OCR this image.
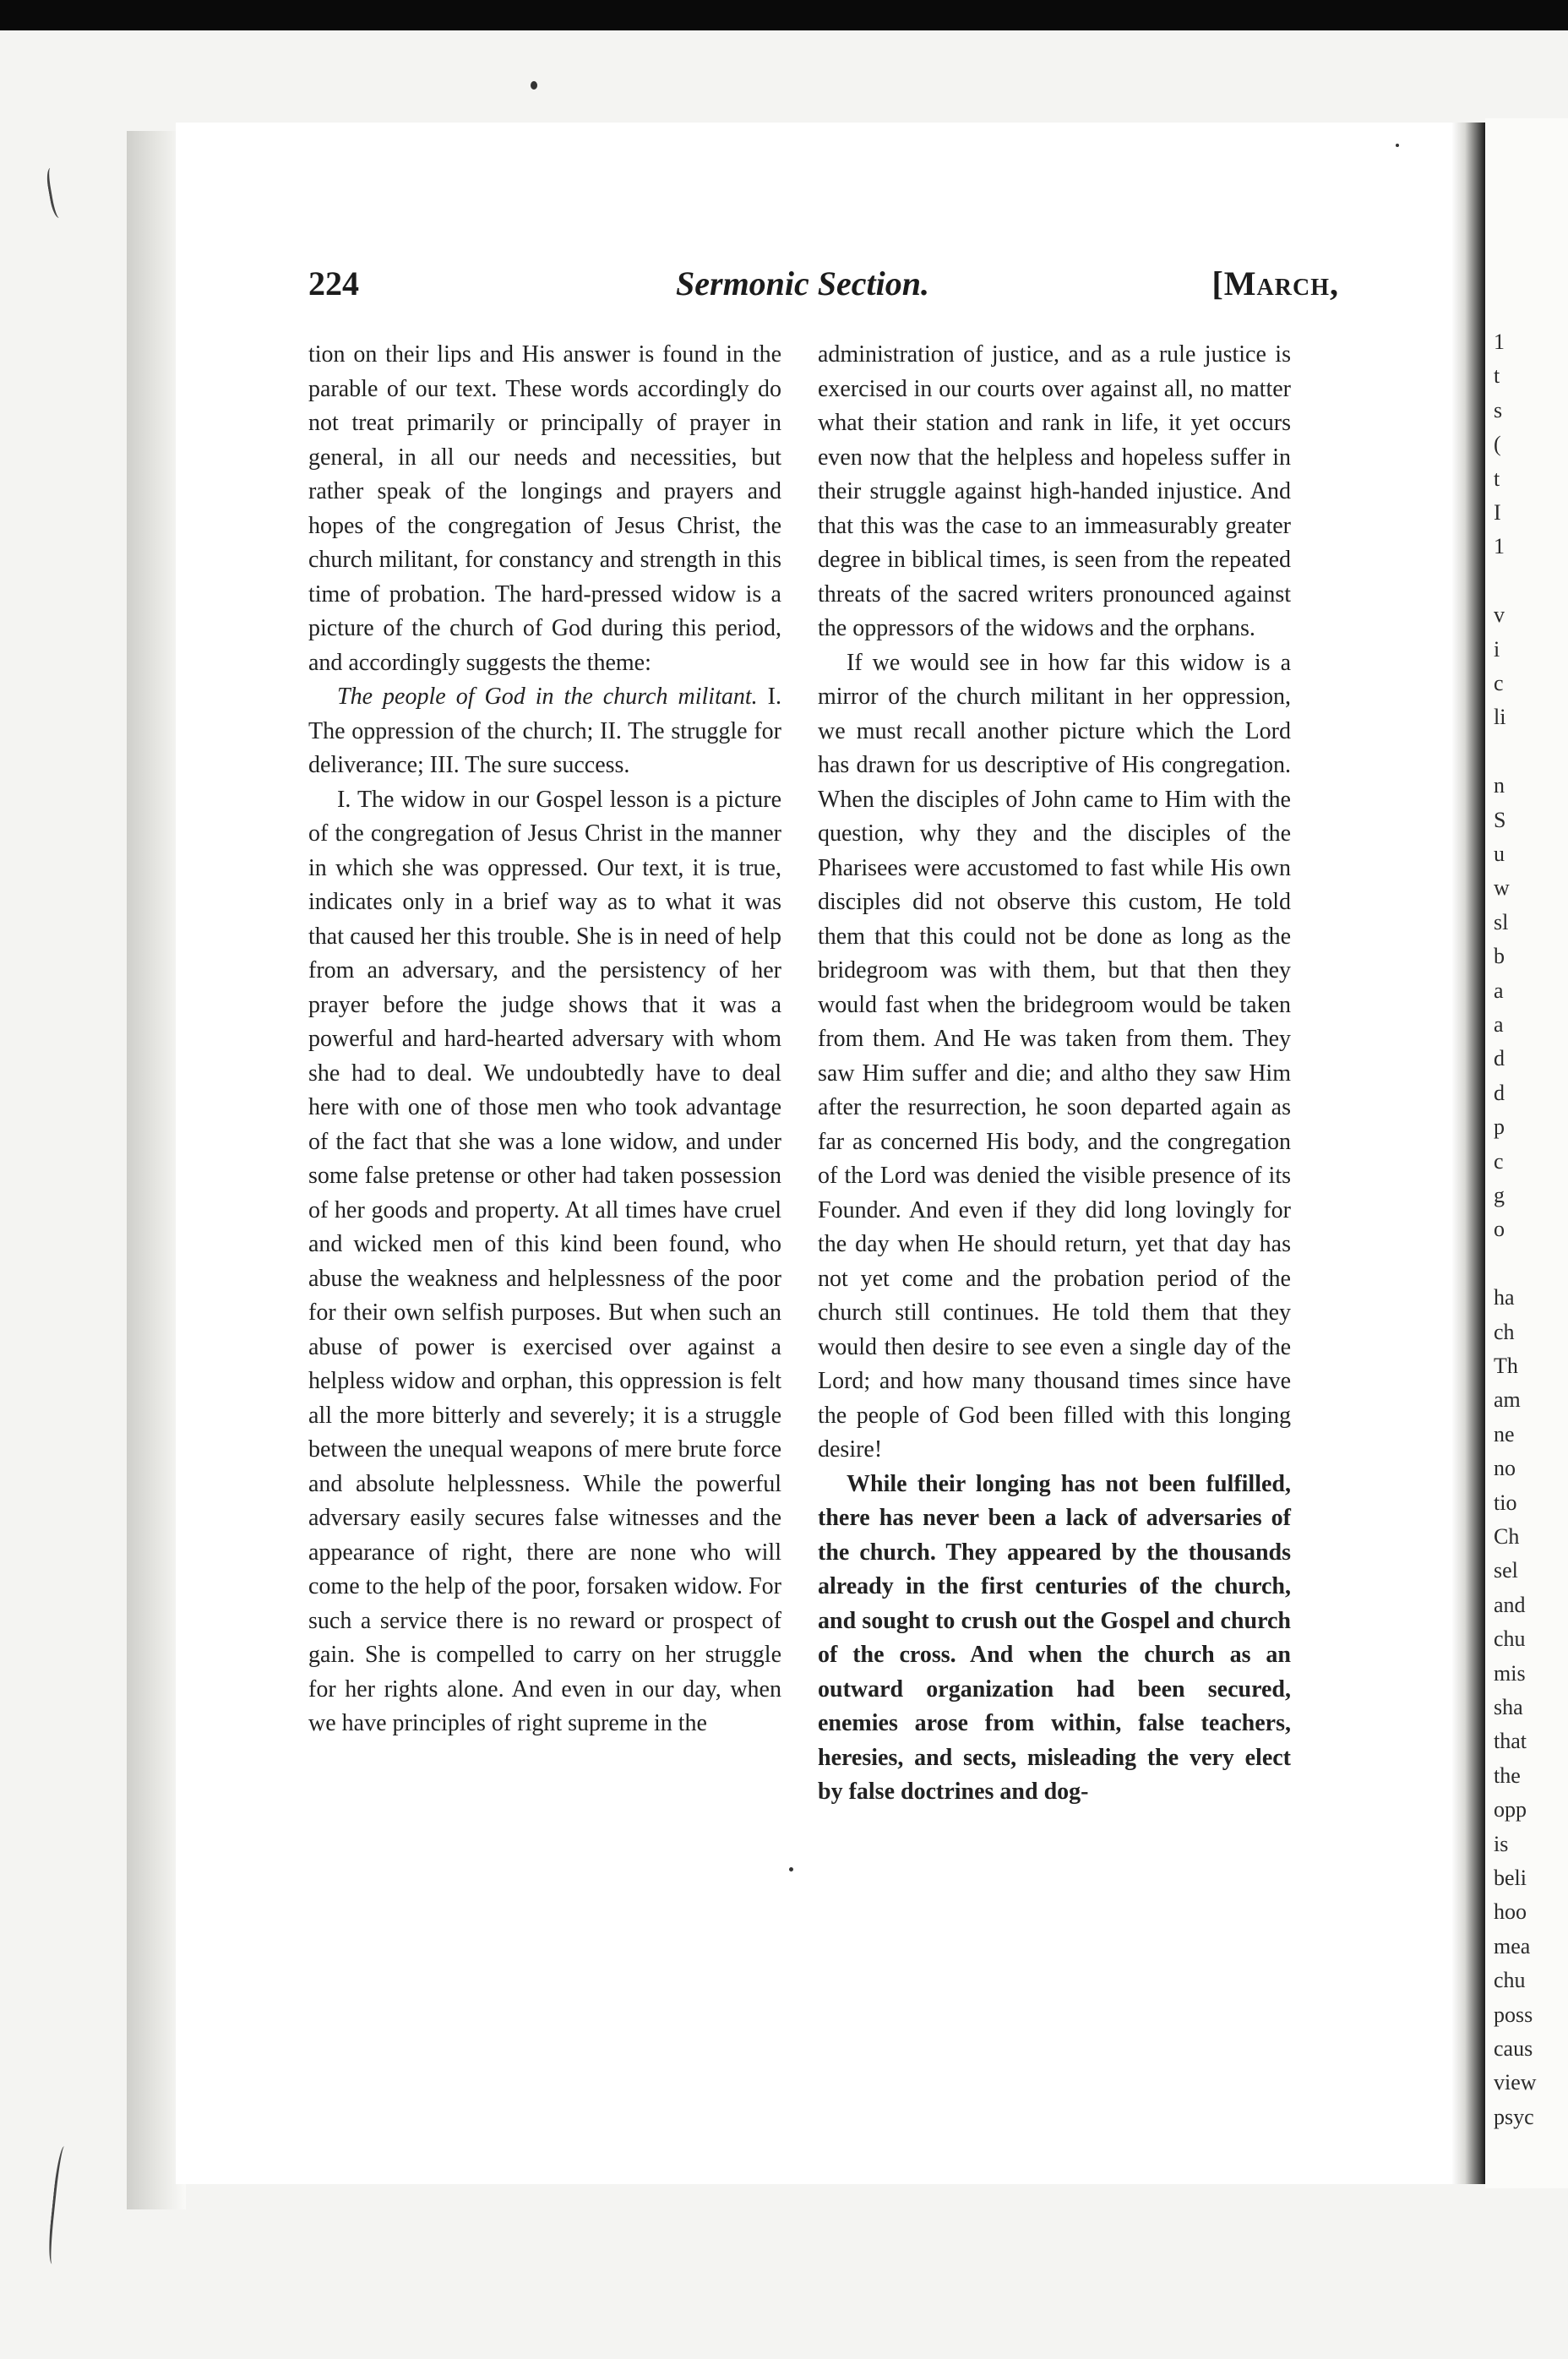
1
t
s
(
t
I
1
v
i
c
li
n
S
u
w
sl
b
a
a
d
d
p
c
g
o
ha
ch
Th
am
ne
no
tio
Ch
sel
and
chu
mis
sha
that
the
opp
is
beli
hoo
mea
chu
poss
caus
view
psyc
224	Sermonic Section.	[March,

tion on their lips and His answer is found in the parable of our text. These words accordingly do not treat primarily or principally of prayer in general, in all our needs and necessities, but rather speak of the longings and prayers and hopes of the congregation of Jesus Christ, the church militant, for constancy and strength in this time of probation. The hard-pressed widow is a picture of the church of God during this period, and accordingly suggests the theme:

The people of God in the church militant. I. The oppression of the church; II. The struggle for deliverance; III. The sure success.

I. The widow in our Gospel lesson is a picture of the congregation of Jesus Christ in the manner in which she was oppressed. Our text, it is true, indicates only in a brief way as to what it was that caused her this trouble. She is in need of help from an adversary, and the persistency of her prayer before the judge shows that it was a powerful and hard-hearted adversary with whom she had to deal. We undoubtedly have to deal here with one of those men who took advantage of the fact that she was a lone widow, and under some false pretense or other had taken possession of her goods and property. At all times have cruel and wicked men of this kind been found, who abuse the weakness and helplessness of the poor for their own selfish purposes. But when such an abuse of power is exercised over against a helpless widow and orphan, this oppression is felt all the more bitterly and severely; it is a struggle between the unequal weapons of mere brute force and absolute helplessness. While the powerful adversary easily secures false witnesses and the appearance of right, there are none who will come to the help of the poor, forsaken widow. For such a service there is no reward or prospect of gain. She is compelled to carry on her struggle for her rights alone. And even in our day, when we have principles of right supreme in the

administration of justice, and as a rule justice is exercised in our courts over against all, no matter what their station and rank in life, it yet occurs even now that the helpless and hopeless suffer in their struggle against high-handed injustice. And that this was the case to an immeasurably greater degree in biblical times, is seen from the repeated threats of the sacred writers pronounced against the oppressors of the widows and the orphans.

If we would see in how far this widow is a mirror of the church militant in her oppression, we must recall another picture which the Lord has drawn for us descriptive of His congregation. When the disciples of John came to Him with the question, why they and the disciples of the Pharisees were accustomed to fast while His own disciples did not observe this custom, He told them that this could not be done as long as the bridegroom was with them, but that then they would fast when the bridegroom would be taken from them. And He was taken from them. They saw Him suffer and die; and altho they saw Him after the resurrection, he soon departed again as far as concerned His body, and the congregation of the Lord was denied the visible presence of its Founder. And even if they did long lovingly for the day when He should return, yet that day has not yet come and the probation period of the church still continues. He told them that they would then desire to see even a single day of the Lord; and how many thousand times since have the people of God been filled with this longing desire!

While their longing has not been fulfilled, there has never been a lack of adversaries of the church. They appeared by the thousands already in the first centuries of the church, and sought to crush out the Gospel and church of the cross. And when the church as an outward organization had been secured, enemies arose from within, false teachers, heresies, and sects, misleading the very elect by false doctrines and dog-
